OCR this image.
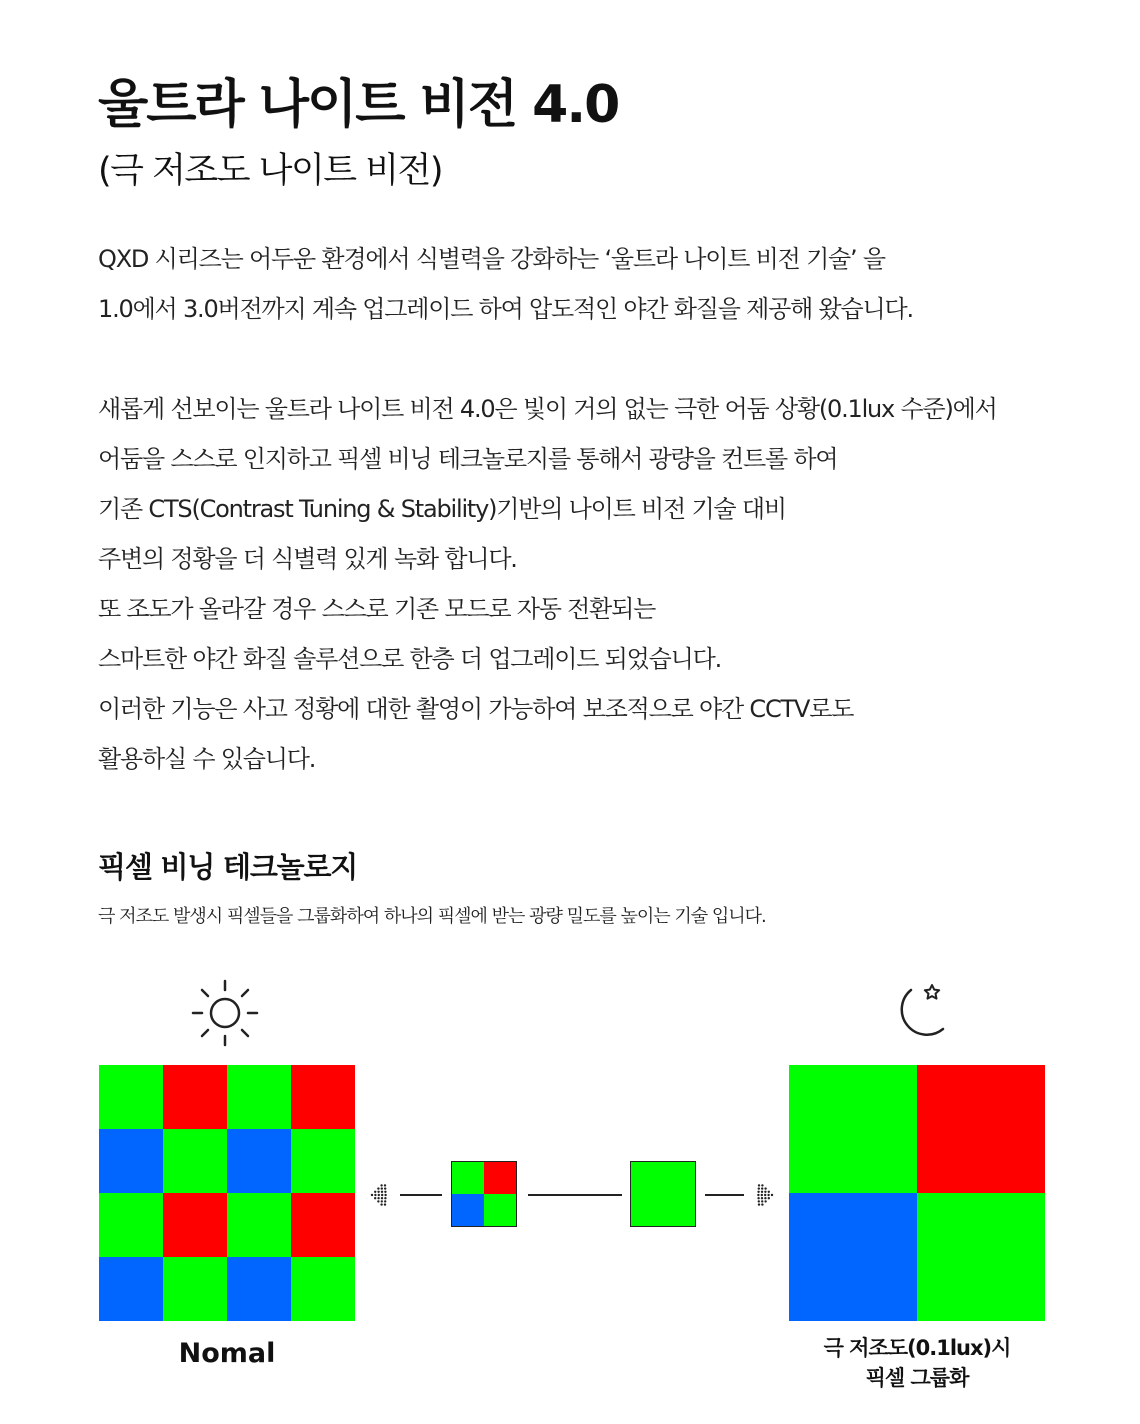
울트라 나이트 비전 4.0
(극 저조도 나이트 비전)
QXD 시리즈는 어두운 환경에서 식별력을 강화하는 ‘울트라 나이트 비전 기술’ 을
1.0에서 3.0버전까지 계속 업그레이드 하여 압도적인 야간 화질을 제공해 왔습니다.
새롭게 선보이는 울트라 나이트 비전 4.0은 빛이 거의 없는 극한 어둠 상황(0.1lux 수준)에서
어둠을 스스로 인지하고 픽셀 비닝 테크놀로지를 통해서 광량을 컨트롤 하여
기존 CTS(Contrast Tuning & Stability)기반의 나이트 비전 기술 대비
주변의 정황을 더 식별력 있게 녹화 합니다.
또 조도가 올라갈 경우 스스로 기존 모드로 자동 전환되는
스마트한 야간 화질 솔루션으로 한층 더 업그레이드 되었습니다.
이러한 기능은 사고 정황에 대한 촬영이 가능하여 보조적으로 야간 CCTV로도
활용하실 수 있습니다.
픽셀 비닝 테크놀로지
극 저조도 발생시 픽셀들을 그룹화하여 하나의 픽셀에 받는 광량 밀도를 높이는 기술 입니다.
Nomal	극 저조도(0.1lux)시
픽셀 그룹화
